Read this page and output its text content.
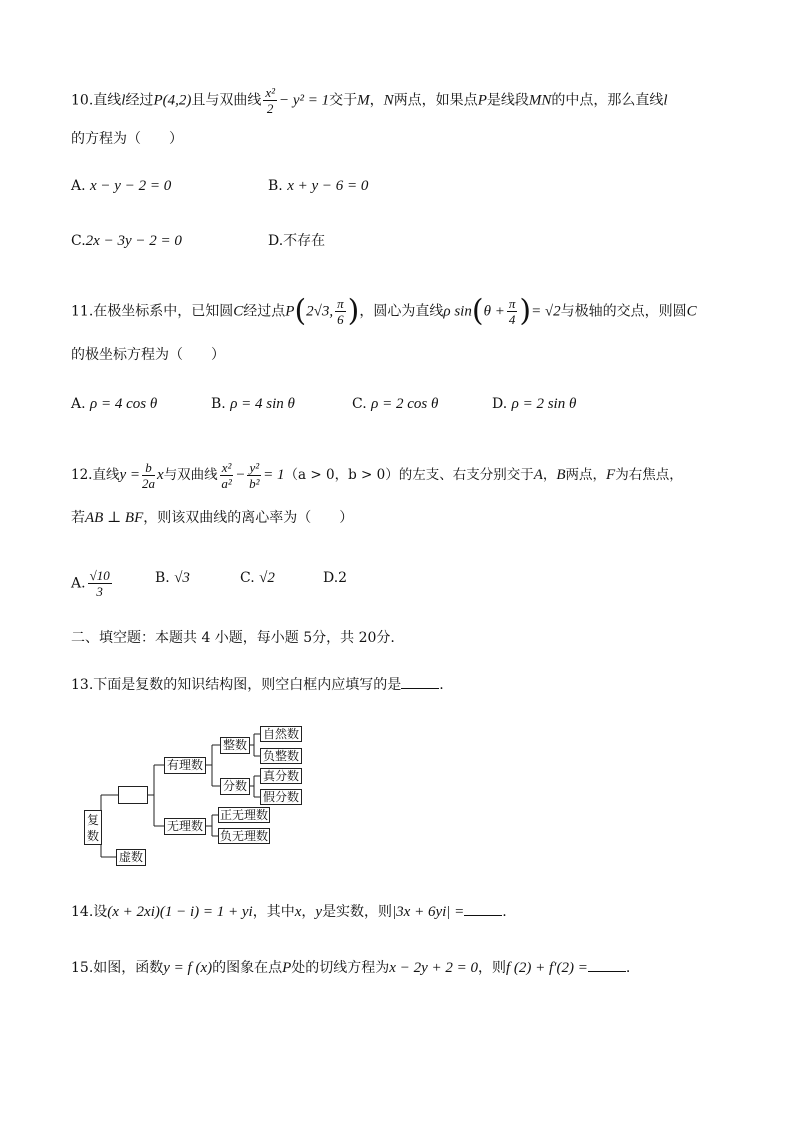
10.直线l经过P(4,2)且与双曲线 $\frac{\text{x²}}{2} - y^2 = 1$交于M，N两点，如果点P是线段MN的中点，那么直线l
的方程为（　　）
A. x − y − 2 = 0	B. x + y − 6 = 0
C.2x − 3y − 2 = 0	D.不存在
11.在极坐标系中，已知圆C经过点P(2√3, $\frac{\pi}{6}$ )，圆心为直线ρ $\sin(\theta + \frac{\pi}{4}$ )= √2与极轴的交点，则圆C
的极坐标方程为（　　）
A. ρ = 4 cos θ	B. ρ = 4 sin θ	C. ρ = 2 cos θ	D. ρ = 2 sin θ
12.直线$y = \frac{b}{2a}$ x与双曲线 $\frac{\text{x²}}{\text{a²}} - \frac{\text{y²}}{\text{b²}} = 1(a > 0$，b > 0）的左支、右支分别交于A，B两点，F为右焦点，
若AB ⊥ BF，则该双曲线的离心率为（　　）
A. $\frac{√10}{3}$	B. √3	C. √2	D.2
二、填空题：本题共 4 小题，每小题 5分，共 20分.
13.下面是复数的知识结构图，则空白框内应填写的是	.
复数
有理数
整数
自然数
负整数
分数
真分数
假分数
无理数
正无理数
负无理数
虚数
14.设(x + 2xi)(1 − i) = 1 + yi，其中x，y是实数，则|3x + 6yi| =	.
15.如图，函数y = f (x)的图象在点P处的切线方程为x − 2y + 2 = 0，则f (2) + f′(2) =	.
